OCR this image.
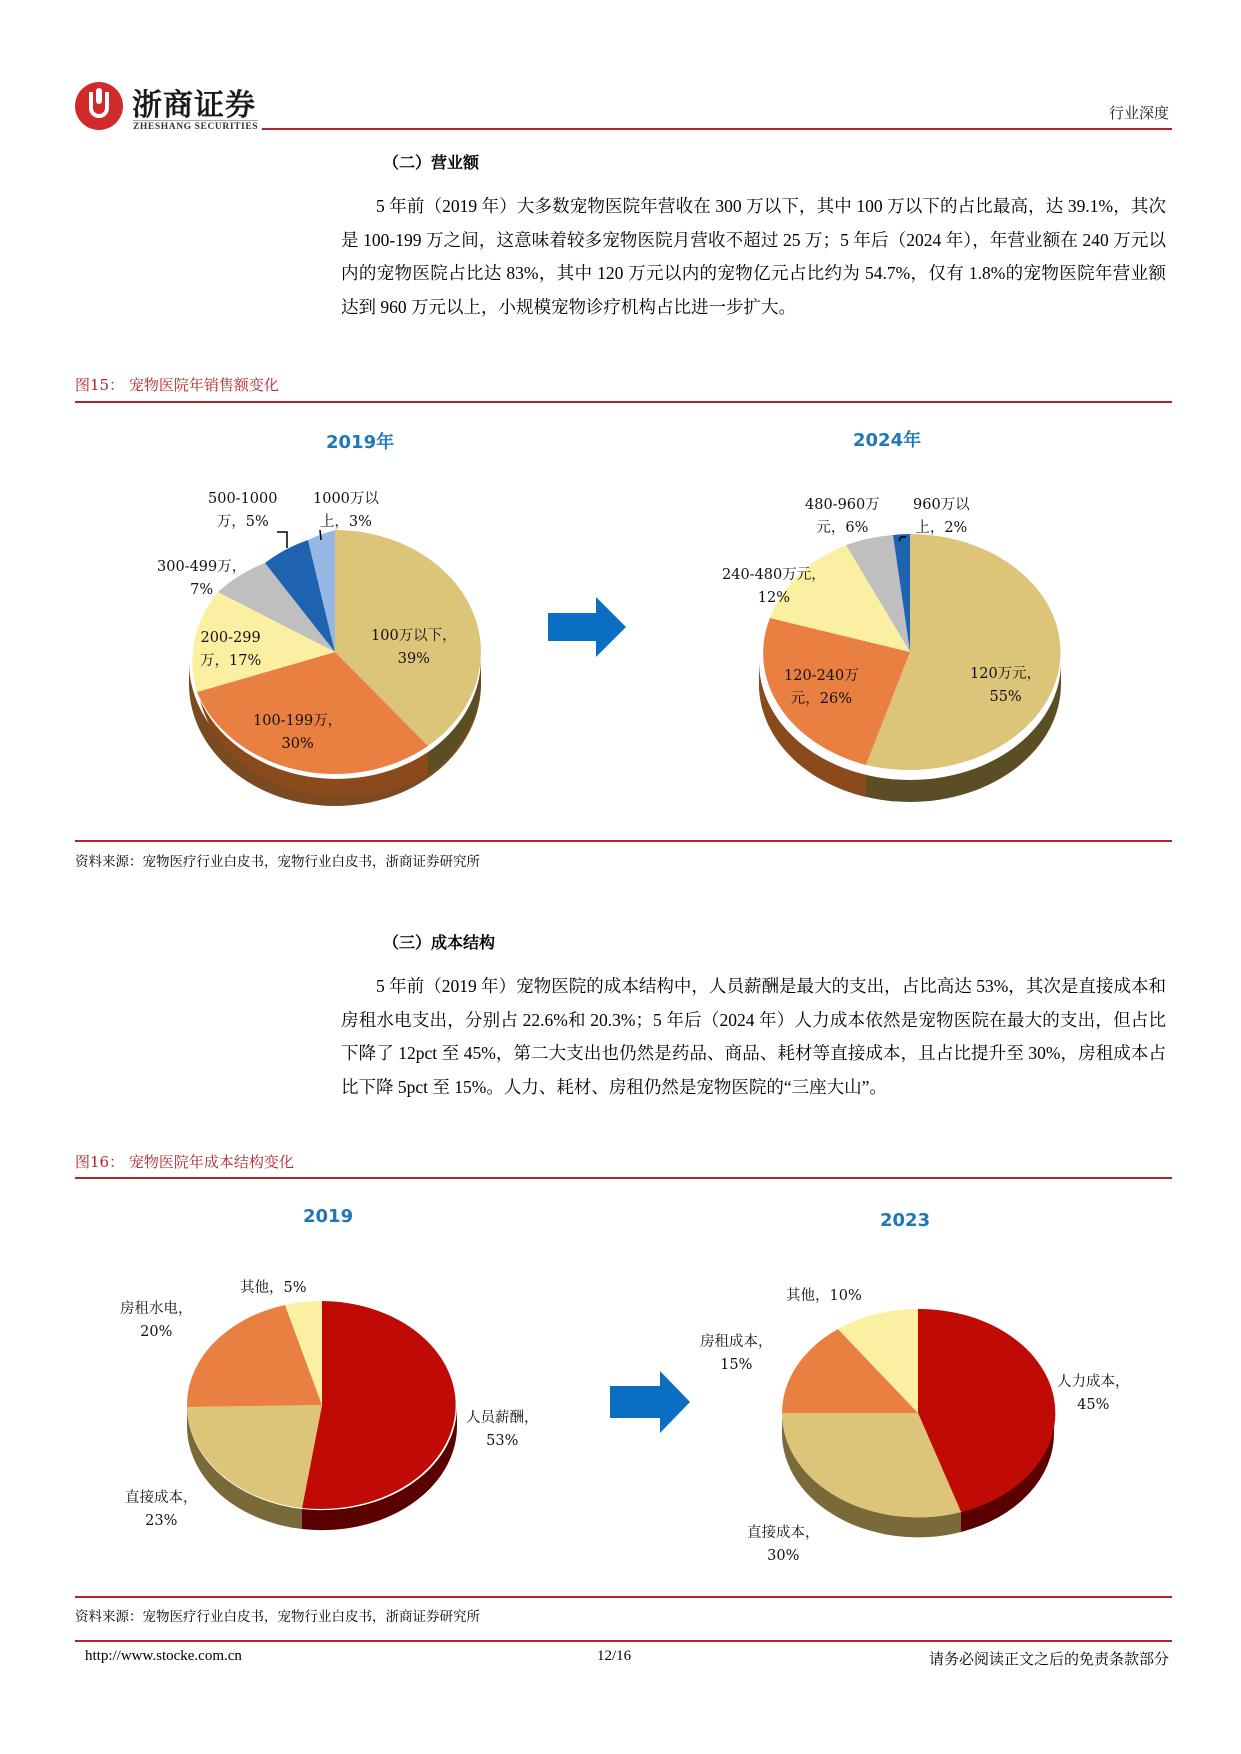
浙商证券
ZHESHANG SECURITIES
行业深度
（二）营业额
5 年前（2019 年）大多数宠物医院年营收在 300 万以下，其中 100 万以下的占比最高，达 39.1%，其次是 100-199 万之间，这意味着较多宠物医院月营收不超过 25 万；5 年后（2024 年），年营业额在 240 万元以内的宠物医院占比达 83%，其中 120 万元以内的宠物亿元占比约为 54.7%，仅有 1.8%的宠物医院年营业额达到 960 万元以上，小规模宠物诊疗机构占比进一步扩大。
图15： 宠物医院年销售额变化
2019年	2024年
500-1000
万，5%
1000万以
上，3%
300-499万，
7%
200-299
万，17%
100万以下，
39%
100-199万，
30%
480-960万
元，6%
960万以
上，2%
240-480万元，
12%
120-240万
元，26%
120万元，
55%
资料来源：宠物医疗行业白皮书，宠物行业白皮书，浙商证券研究所
（三）成本结构
5 年前（2019 年）宠物医院的成本结构中，人员薪酬是最大的支出，占比高达 53%，其次是直接成本和房租水电支出，分别占 22.6%和 20.3%；5 年后（2024 年）人力成本依然是宠物医院在最大的支出，但占比下降了 12pct 至 45%，第二大支出也仍然是药品、商品、耗材等直接成本，且占比提升至 30%，房租成本占比下降 5pct 至 15%。人力、耗材、房租仍然是宠物医院的“三座大山”。
图16： 宠物医院年成本结构变化
2019	2023
其他，5%
房租水电，
20%
人员薪酬，
53%
直接成本，
23%
其他，10%
房租成本，
15%
人力成本，
45%
直接成本，
30%
资料来源：宠物医疗行业白皮书，宠物行业白皮书，浙商证券研究所
http://www.stocke.com.cn	12/16	请务必阅读正文之后的免责条款部分
